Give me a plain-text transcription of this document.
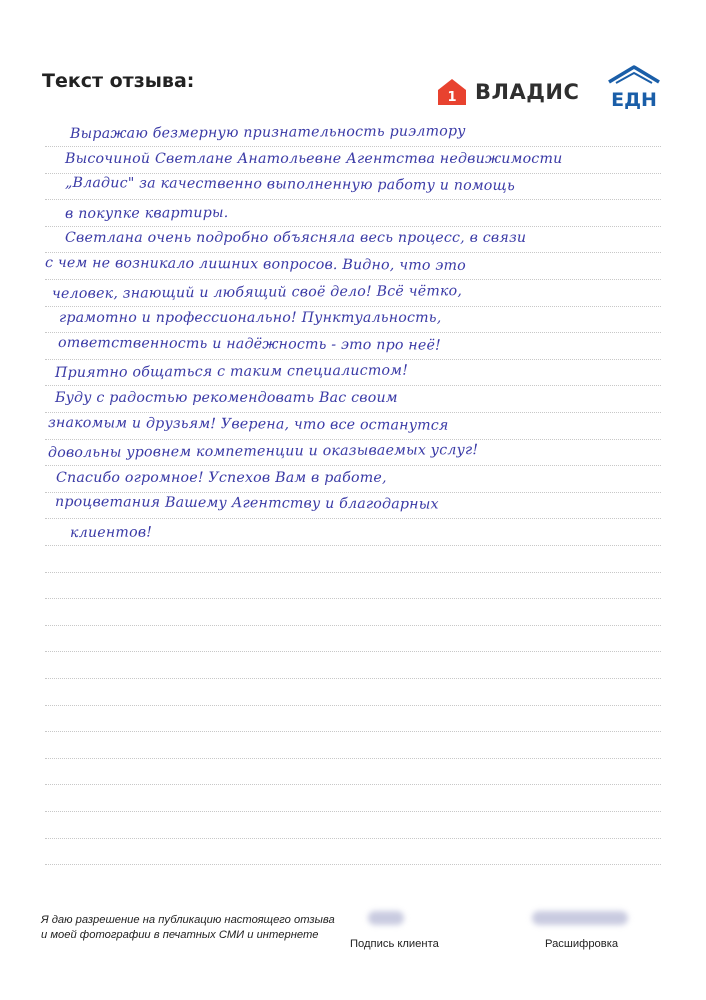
Текст отзыва:
1 ВЛАДИС ЕДН
Выражаю безмерную признательность риэлтору
Высочиной Светлане Анатольевне Агентства недвижимости
„Владис" за качественно выполненную работу и помощь
в покупке квартиры.
Светлана очень подробно объясняла весь процесс, в связи
с чем не возникало лишних вопросов. Видно, что это
человек, знающий и любящий своё дело! Всё чётко,
грамотно и профессионально! Пунктуальность,
ответственность и надёжность - это про неё!
Приятно общаться с таким специалистом!
Буду с радостью рекомендовать Вас своим
знакомым и друзьям! Уверена, что все останутся
довольны уровнем компетенции и оказываемых услуг!
Спасибо огромное! Успехов Вам в работе,
процветания Вашему Агентству и благодарных
клиентов!
Я даю разрешение на публикацию настоящего отзыва
и моей фотографии в печатных СМИ и интернете
Подпись клиента	Расшифровка
